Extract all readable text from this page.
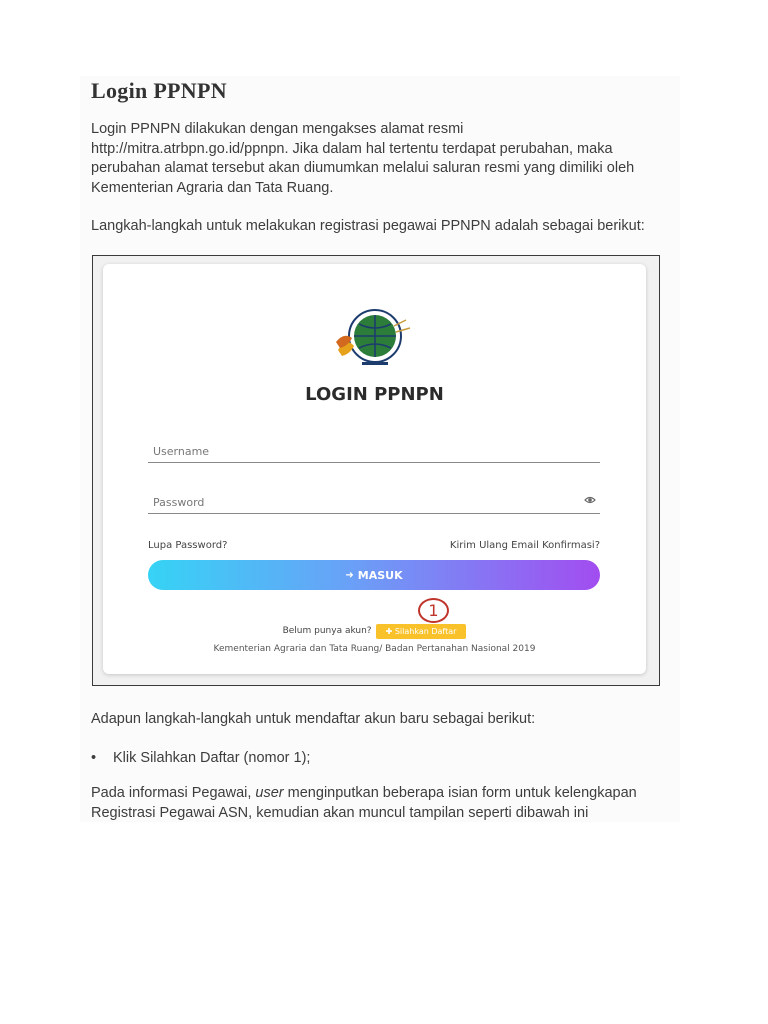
Login PPNPN
Login PPNPN dilakukan dengan mengakses alamat resmi
http://mitra.atrbpn.go.id/ppnpn. Jika dalam hal tertentu terdapat perubahan, maka
perubahan alamat tersebut akan diumumkan melalui saluran resmi yang dimiliki oleh
Kementerian Agraria dan Tata Ruang.

Langkah-langkah untuk melakukan registrasi pegawai PPNPN adalah sebagai berikut:

LOGIN PPNPN
Username
Lupa Password?	Kirim Ulang Email Konfirmasi?
➜ MASUK
1
Belum punya akun?	✚ Silahkan Daftar
Kementerian Agraria dan Tata Ruang/ Badan Pertanahan Nasional 2019

Adapun langkah-langkah untuk mendaftar akun baru sebagai berikut:

• Klik Silahkan Daftar (nomor 1);
Pada informasi Pegawai, user menginputkan beberapa isian form untuk kelengkapan
Registrasi Pegawai ASN, kemudian akan muncul tampilan seperti dibawah ini
